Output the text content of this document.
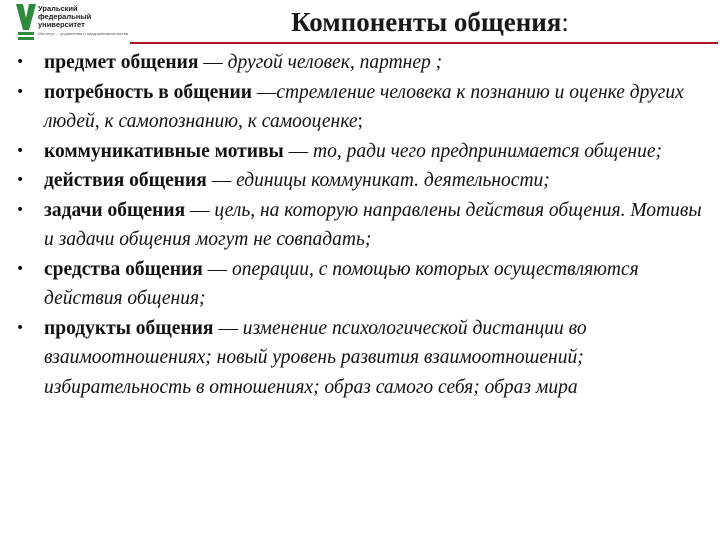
Уральский
федеральный
университет
Институт ... управления и предпринимательства	Компоненты общения:
• предмет общения — другой человек, партнер ;
• потребность в общении —стремление человека к познанию и оценке других людей, к самопознанию, к самооценке;
• коммуникативные мотивы — то, ради чего предпринимается общение;
• действия общения — единицы коммуникат. деятельности;
• задачи общения — цель, на которую направлены действия общения. Мотивы и задачи общения могут не совпадать;
• средства общения — операции, с помощью которых осуществляются действия общения;
• продукты общения — изменение психологической дистанции во взаимоотношениях; новый уровень развития взаимоотношений; избирательность в отношениях; образ самого себя; образ мира
